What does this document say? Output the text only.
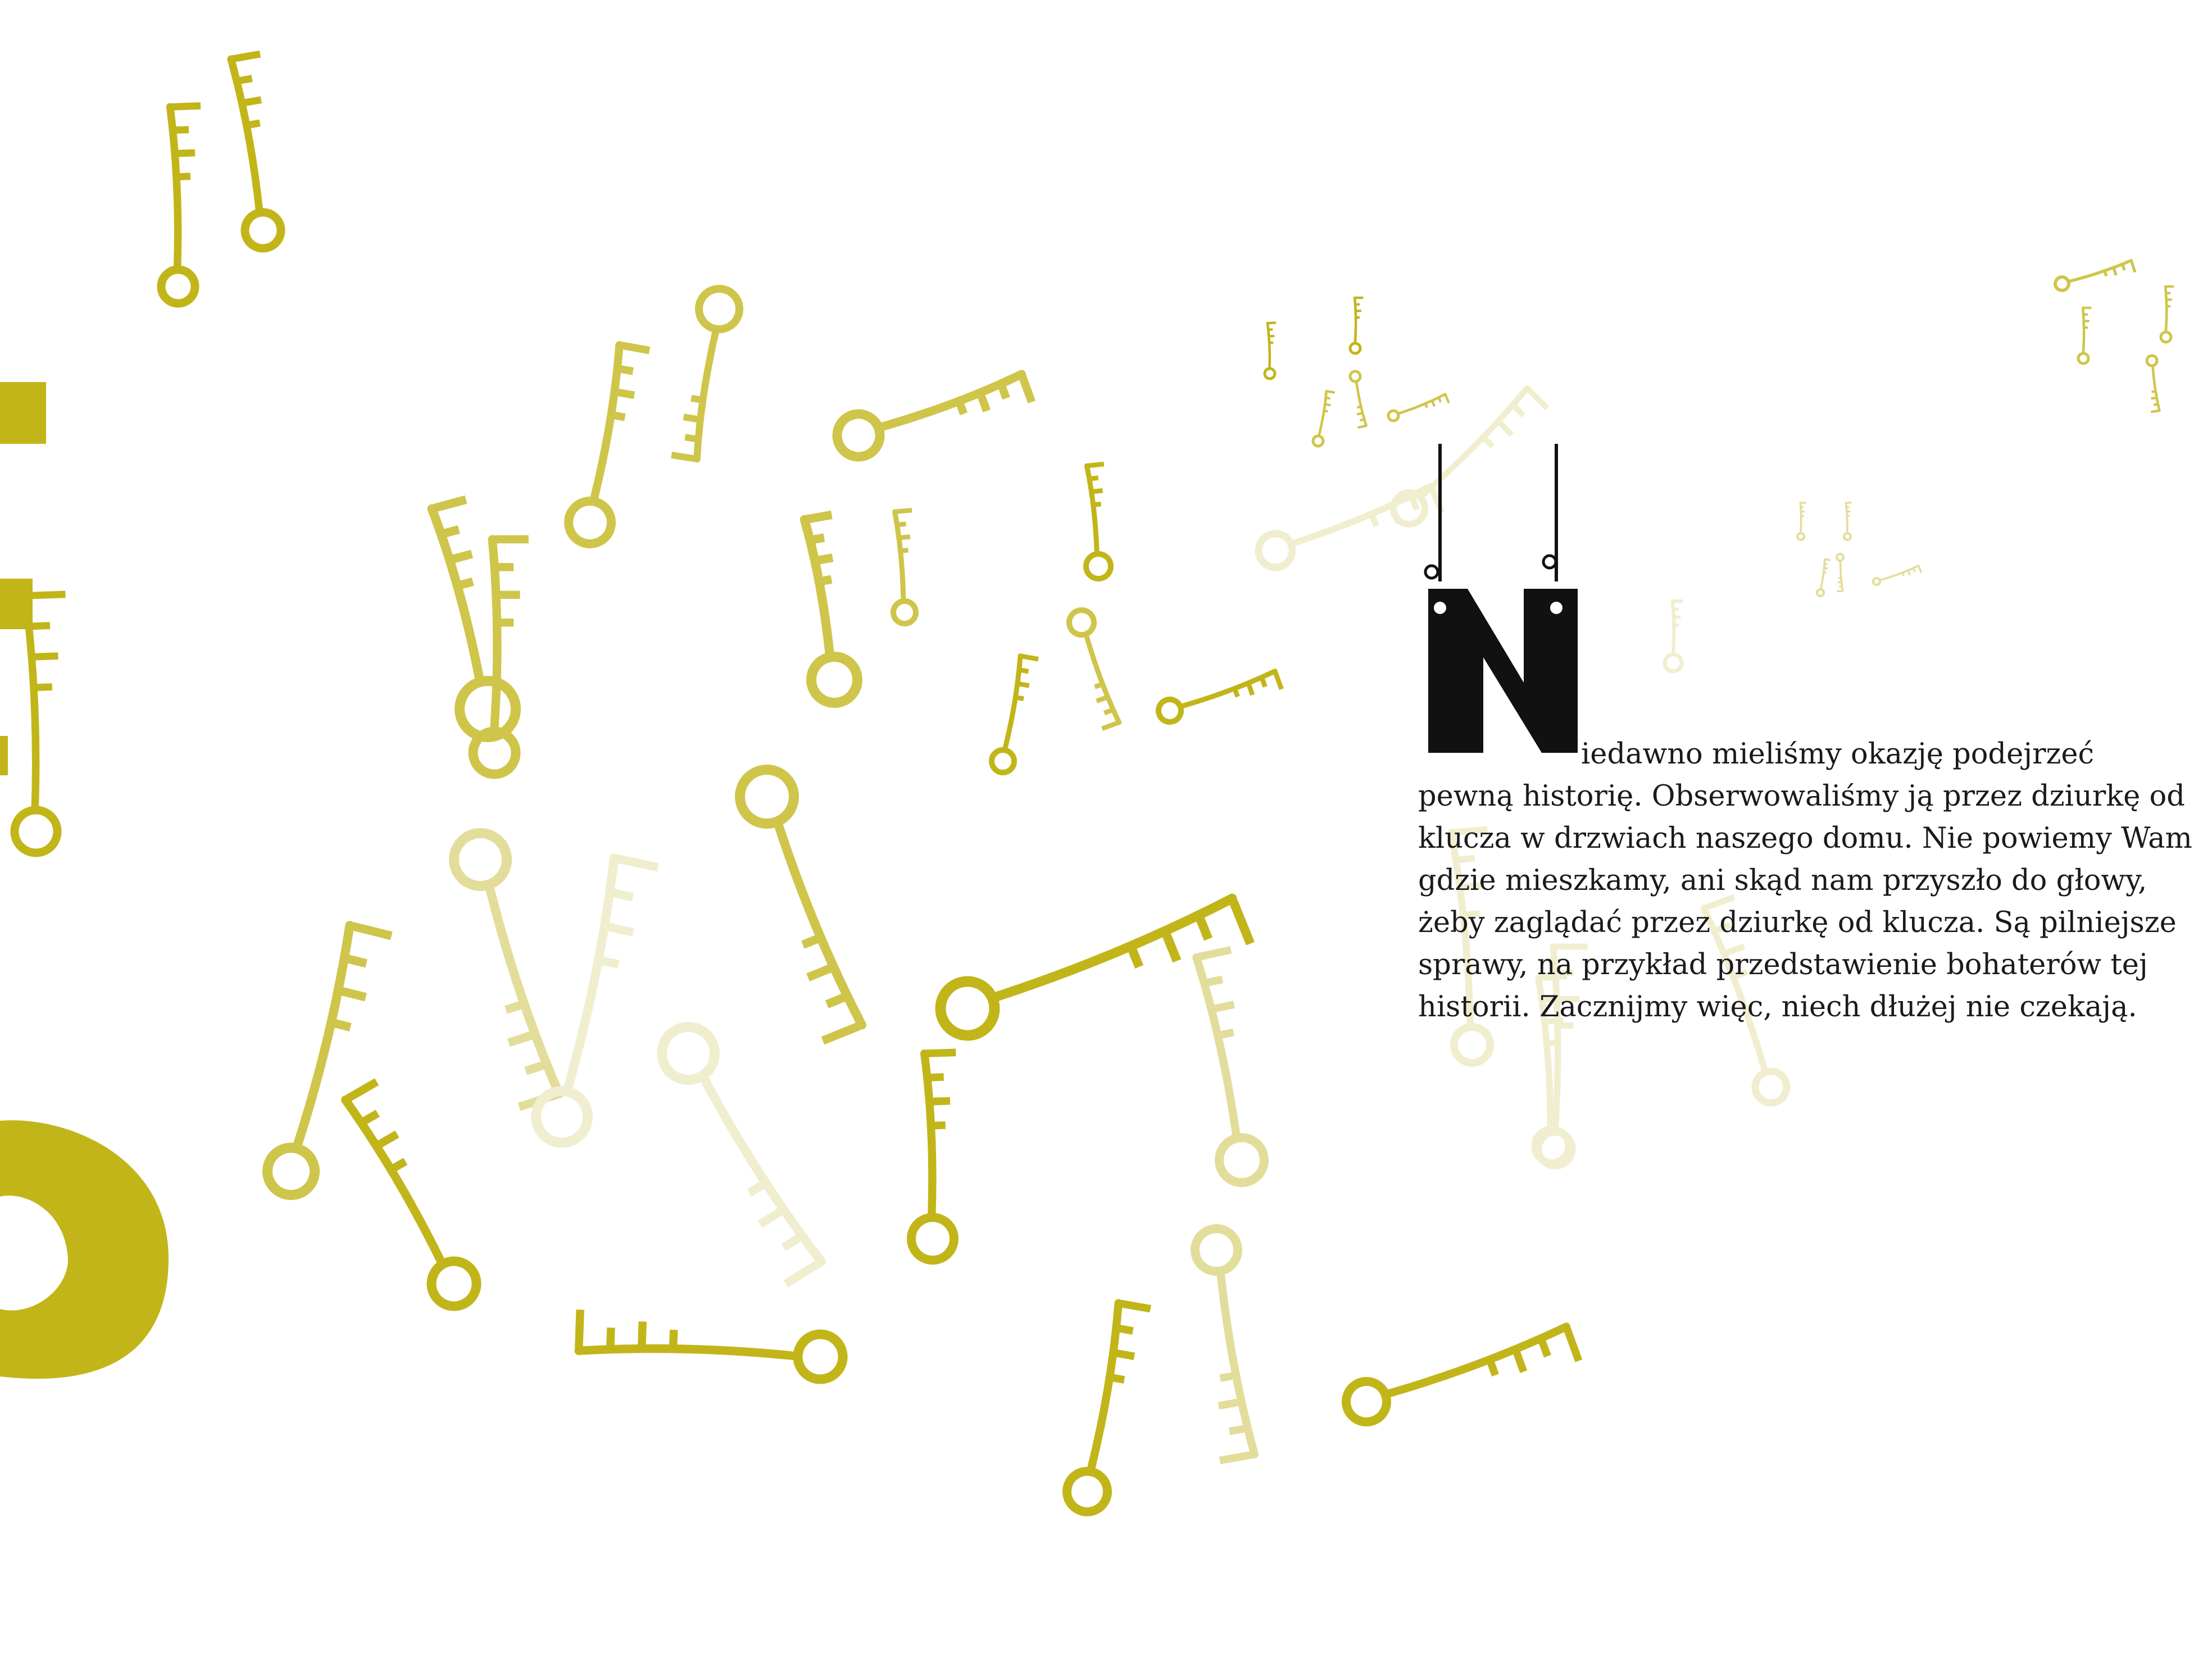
iedawno mieliśmy okazję podejrzeć
pewną historię. Obserwowaliśmy ją przez dziurkę od
klucza w drzwiach naszego domu. Nie powiemy Wam
gdzie mieszkamy, ani skąd nam przyszło do głowy,
żeby zaglądać przez dziurkę od klucza. Są pilniejsze
sprawy, na przykład przedstawienie bohaterów tej
historii. Zacznijmy więc, niech dłużej nie czekają.
